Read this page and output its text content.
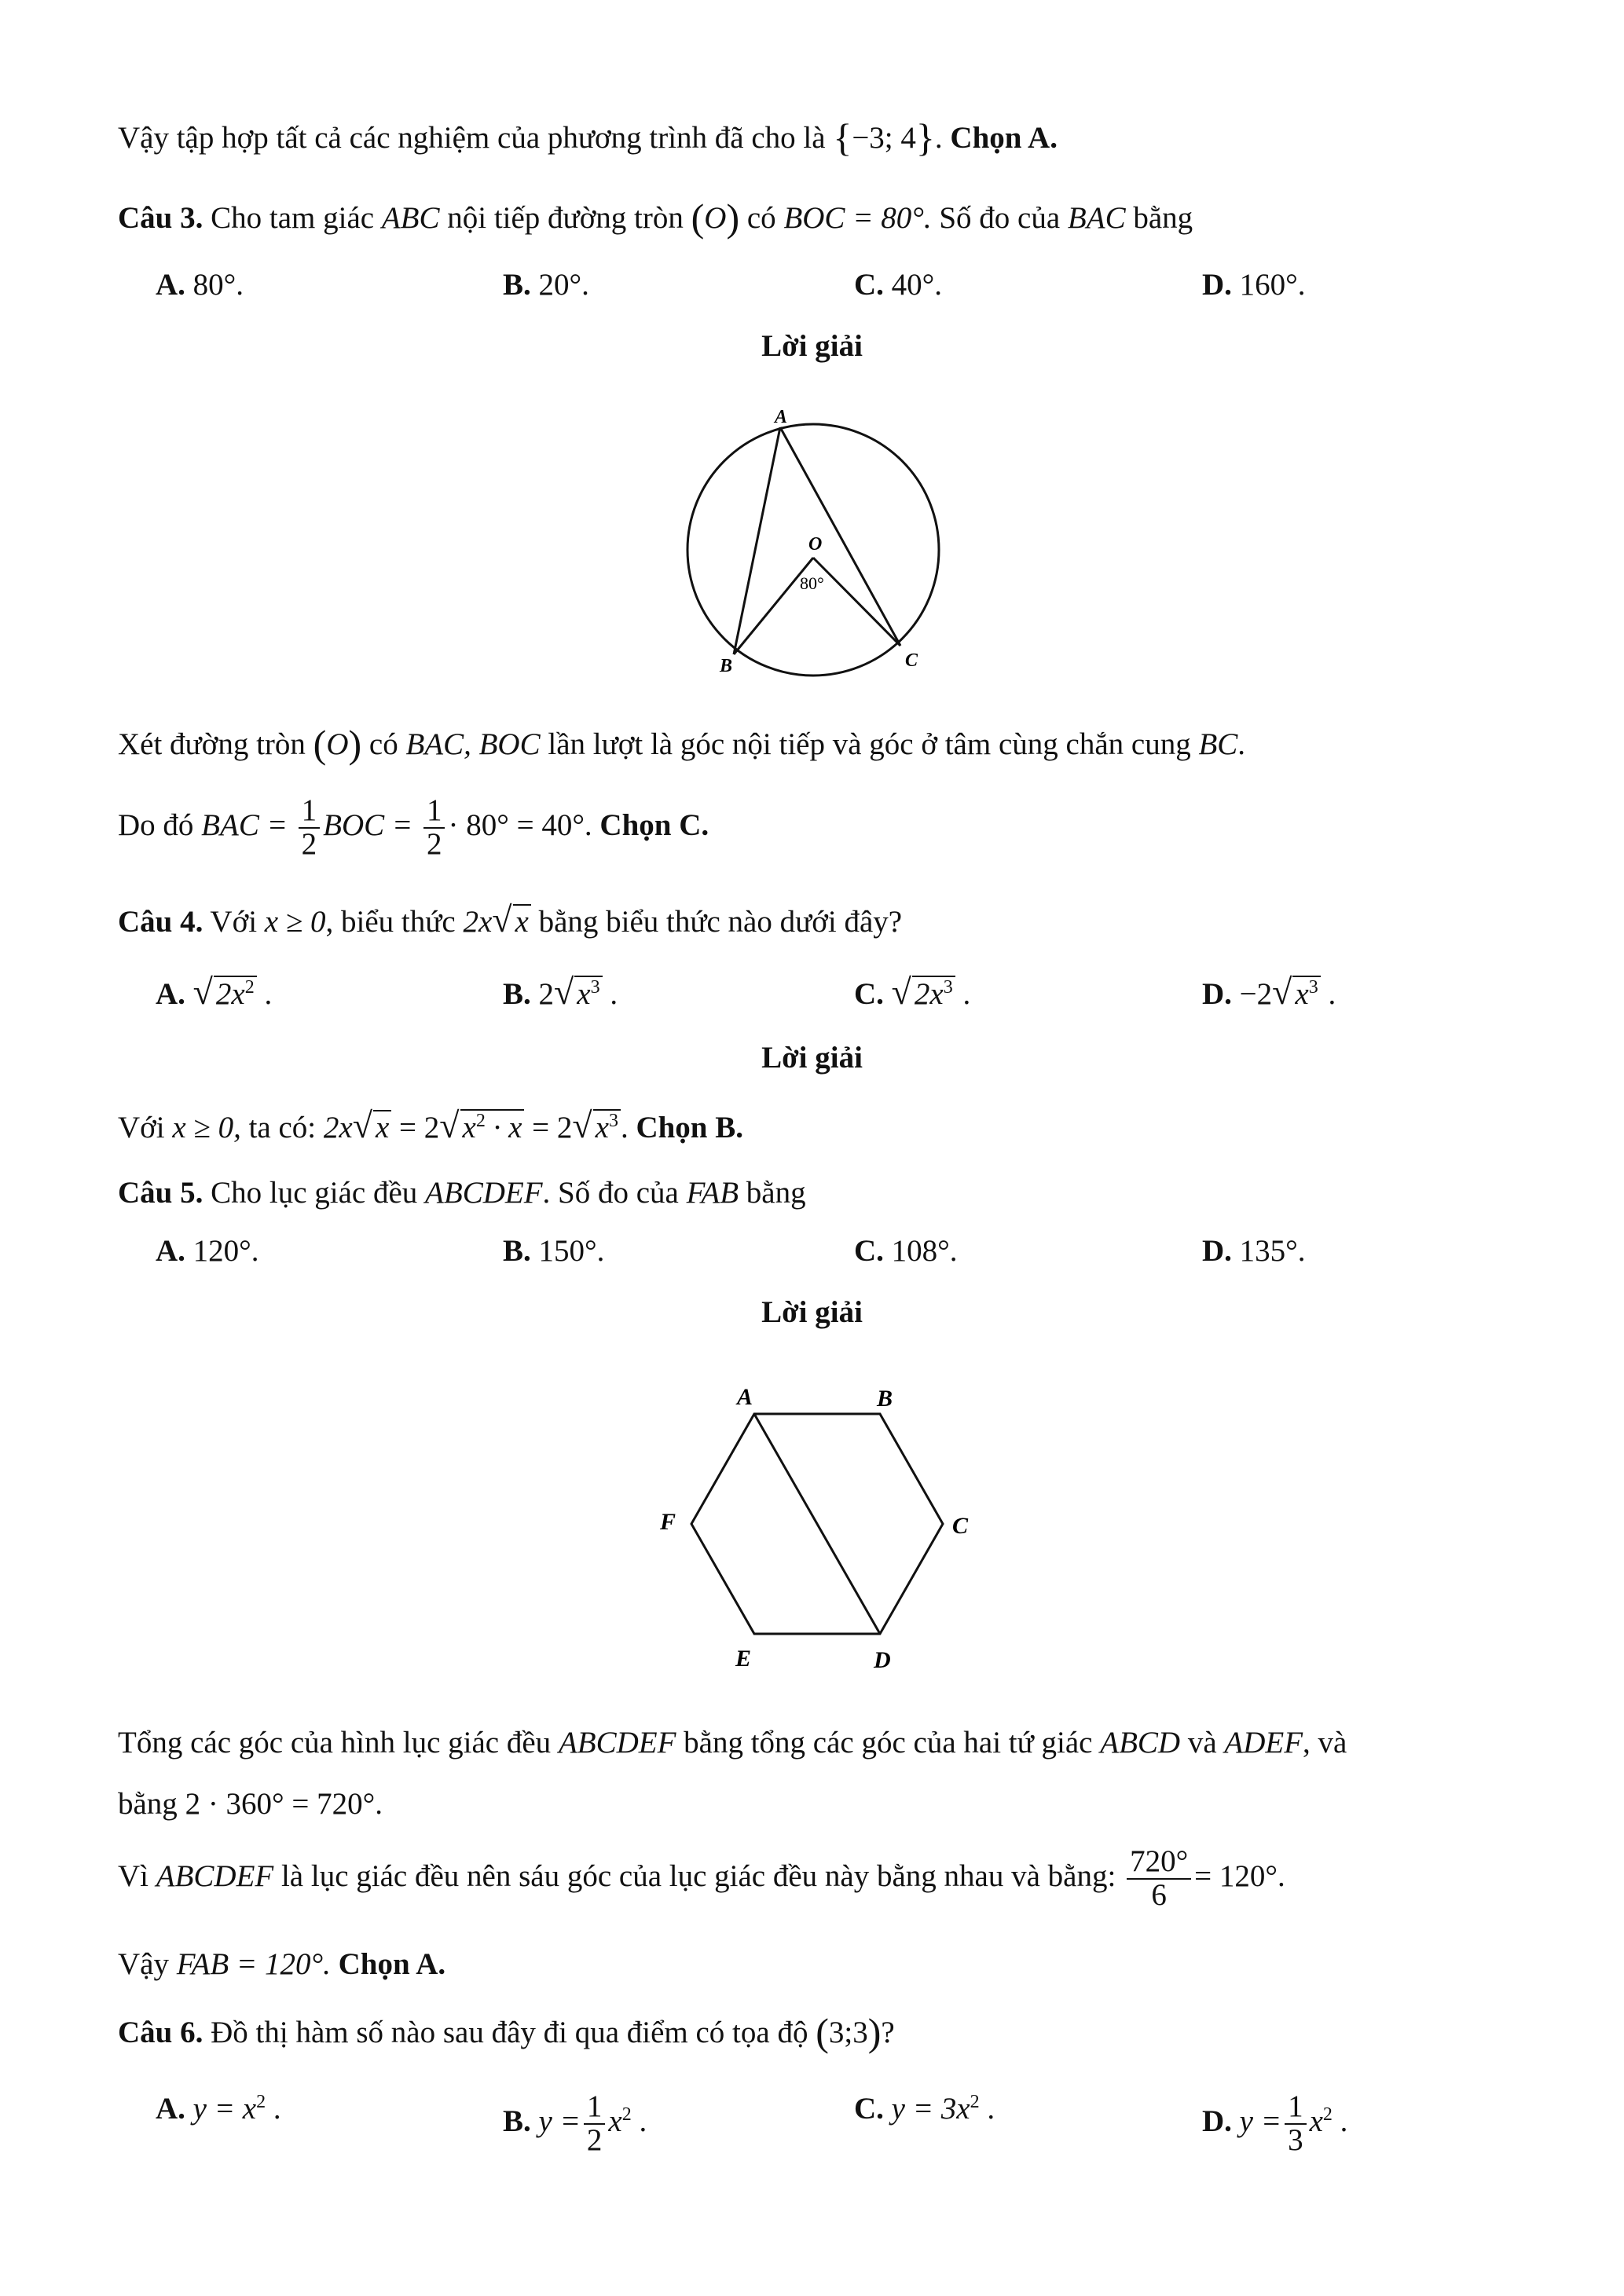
Vậy tập hợp tất cả các nghiệm của phương trình đã cho là {−3; 4}. Chọn A.
Câu 3. Cho tam giác ABC nội tiếp đường tròn (O) có BOC = 80°. Số đo của BAC bằng
A. 80°.	B. 20°.	C. 40°.	D. 160°.
Lời giải
A
O
B	C
80°
Xét đường tròn (O) có BAC, BOC lần lượt là góc nội tiếp và góc ở tâm cùng chắn cung BC.
Do đó BAC = $\frac{1}{2}$ BOC = $\frac{1}{2} \cdot 80^\circ = 40^\circ$. Chọn C.
Câu 4. Với x ≥ 0, biểu thức 2x√ x bằng biểu thức nào dưới đây?
A. √ $2x^2$ .	B. 2√ $x^3$ .	C. √ $2x^3$ .	D. −2√ $x^3$ .
Lời giải
Với x ≥ 0, ta có: 2x√ x = 2√ $x^2 \cdot x = 2√$ $x^3$. Chọn B.
Câu 5. Cho lục giác đều ABCDEF. Số đo của FAB bằng
A. 120°.	B. 150°.	C. 108°.	D. 135°.
Lời giải
A	B
C
D
E
F
Tổng các góc của hình lục giác đều ABCDEF bằng tổng các góc của hai tứ giác ABCD và ADEF, và
bằng 2 · 360° = 720°.
Vì ABCDEF là lục giác đều nên sáu góc của lục giác đều này bằng nhau và bằng: $\frac{720^\circ}{6} = 120^\circ$.
Vậy FAB = 120°. Chọn A.
Câu 6. Đồ thị hàm số nào sau đây đi qua điểm có tọa độ (3;3)?
A. $y = x^2$ .	B. $y = \frac{1}{2} x^2$ .	C. $y = 3x^2$ .	D. $y = \frac{1}{3} x^2$ .
